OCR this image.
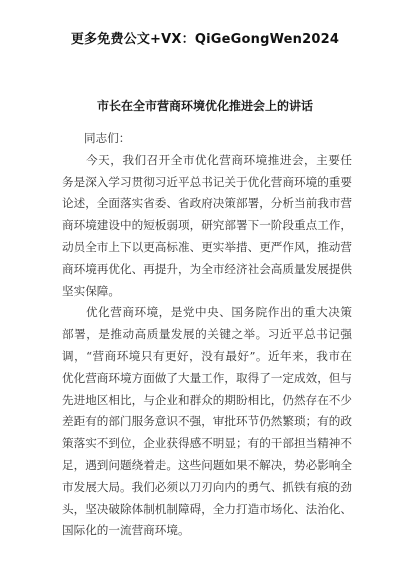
更多免费公文+VX：QiGeGongWen2024
市长在全市营商环境优化推进会上的讲话

同志们：

今天，我们召开全市优化营商环境推进会，主要任务是深入学习贯彻习近平总书记关于优化营商环境的重要论述，全面落实省委、省政府决策部署，分析当前我市营商环境建设中的短板弱项，研究部署下一阶段重点工作，动员全市上下以更高标准、更实举措、更严作风，推动营商环境再优化、再提升，为全市经济社会高质量发展提供坚实保障。

优化营商环境，是党中央、国务院作出的重大决策部署，是推动高质量发展的关键之举。习近平总书记强调，“营商环境只有更好，没有最好”。近年来，我市在优化营商环境方面做了大量工作，取得了一定成效，但与先进地区相比，与企业和群众的期盼相比，仍然存在不少差距有的部门服务意识不强，审批环节仍然繁琐；有的政策落实不到位，企业获得感不明显；有的干部担当精神不足，遇到问题绕着走。这些问题如果不解决，势必影响全市发展大局。我们必须以刀刃向内的勇气、抓铁有痕的劲头，坚决破除体制机制障碍，全力打造市场化、法治化、国际化的一流营商环境。
